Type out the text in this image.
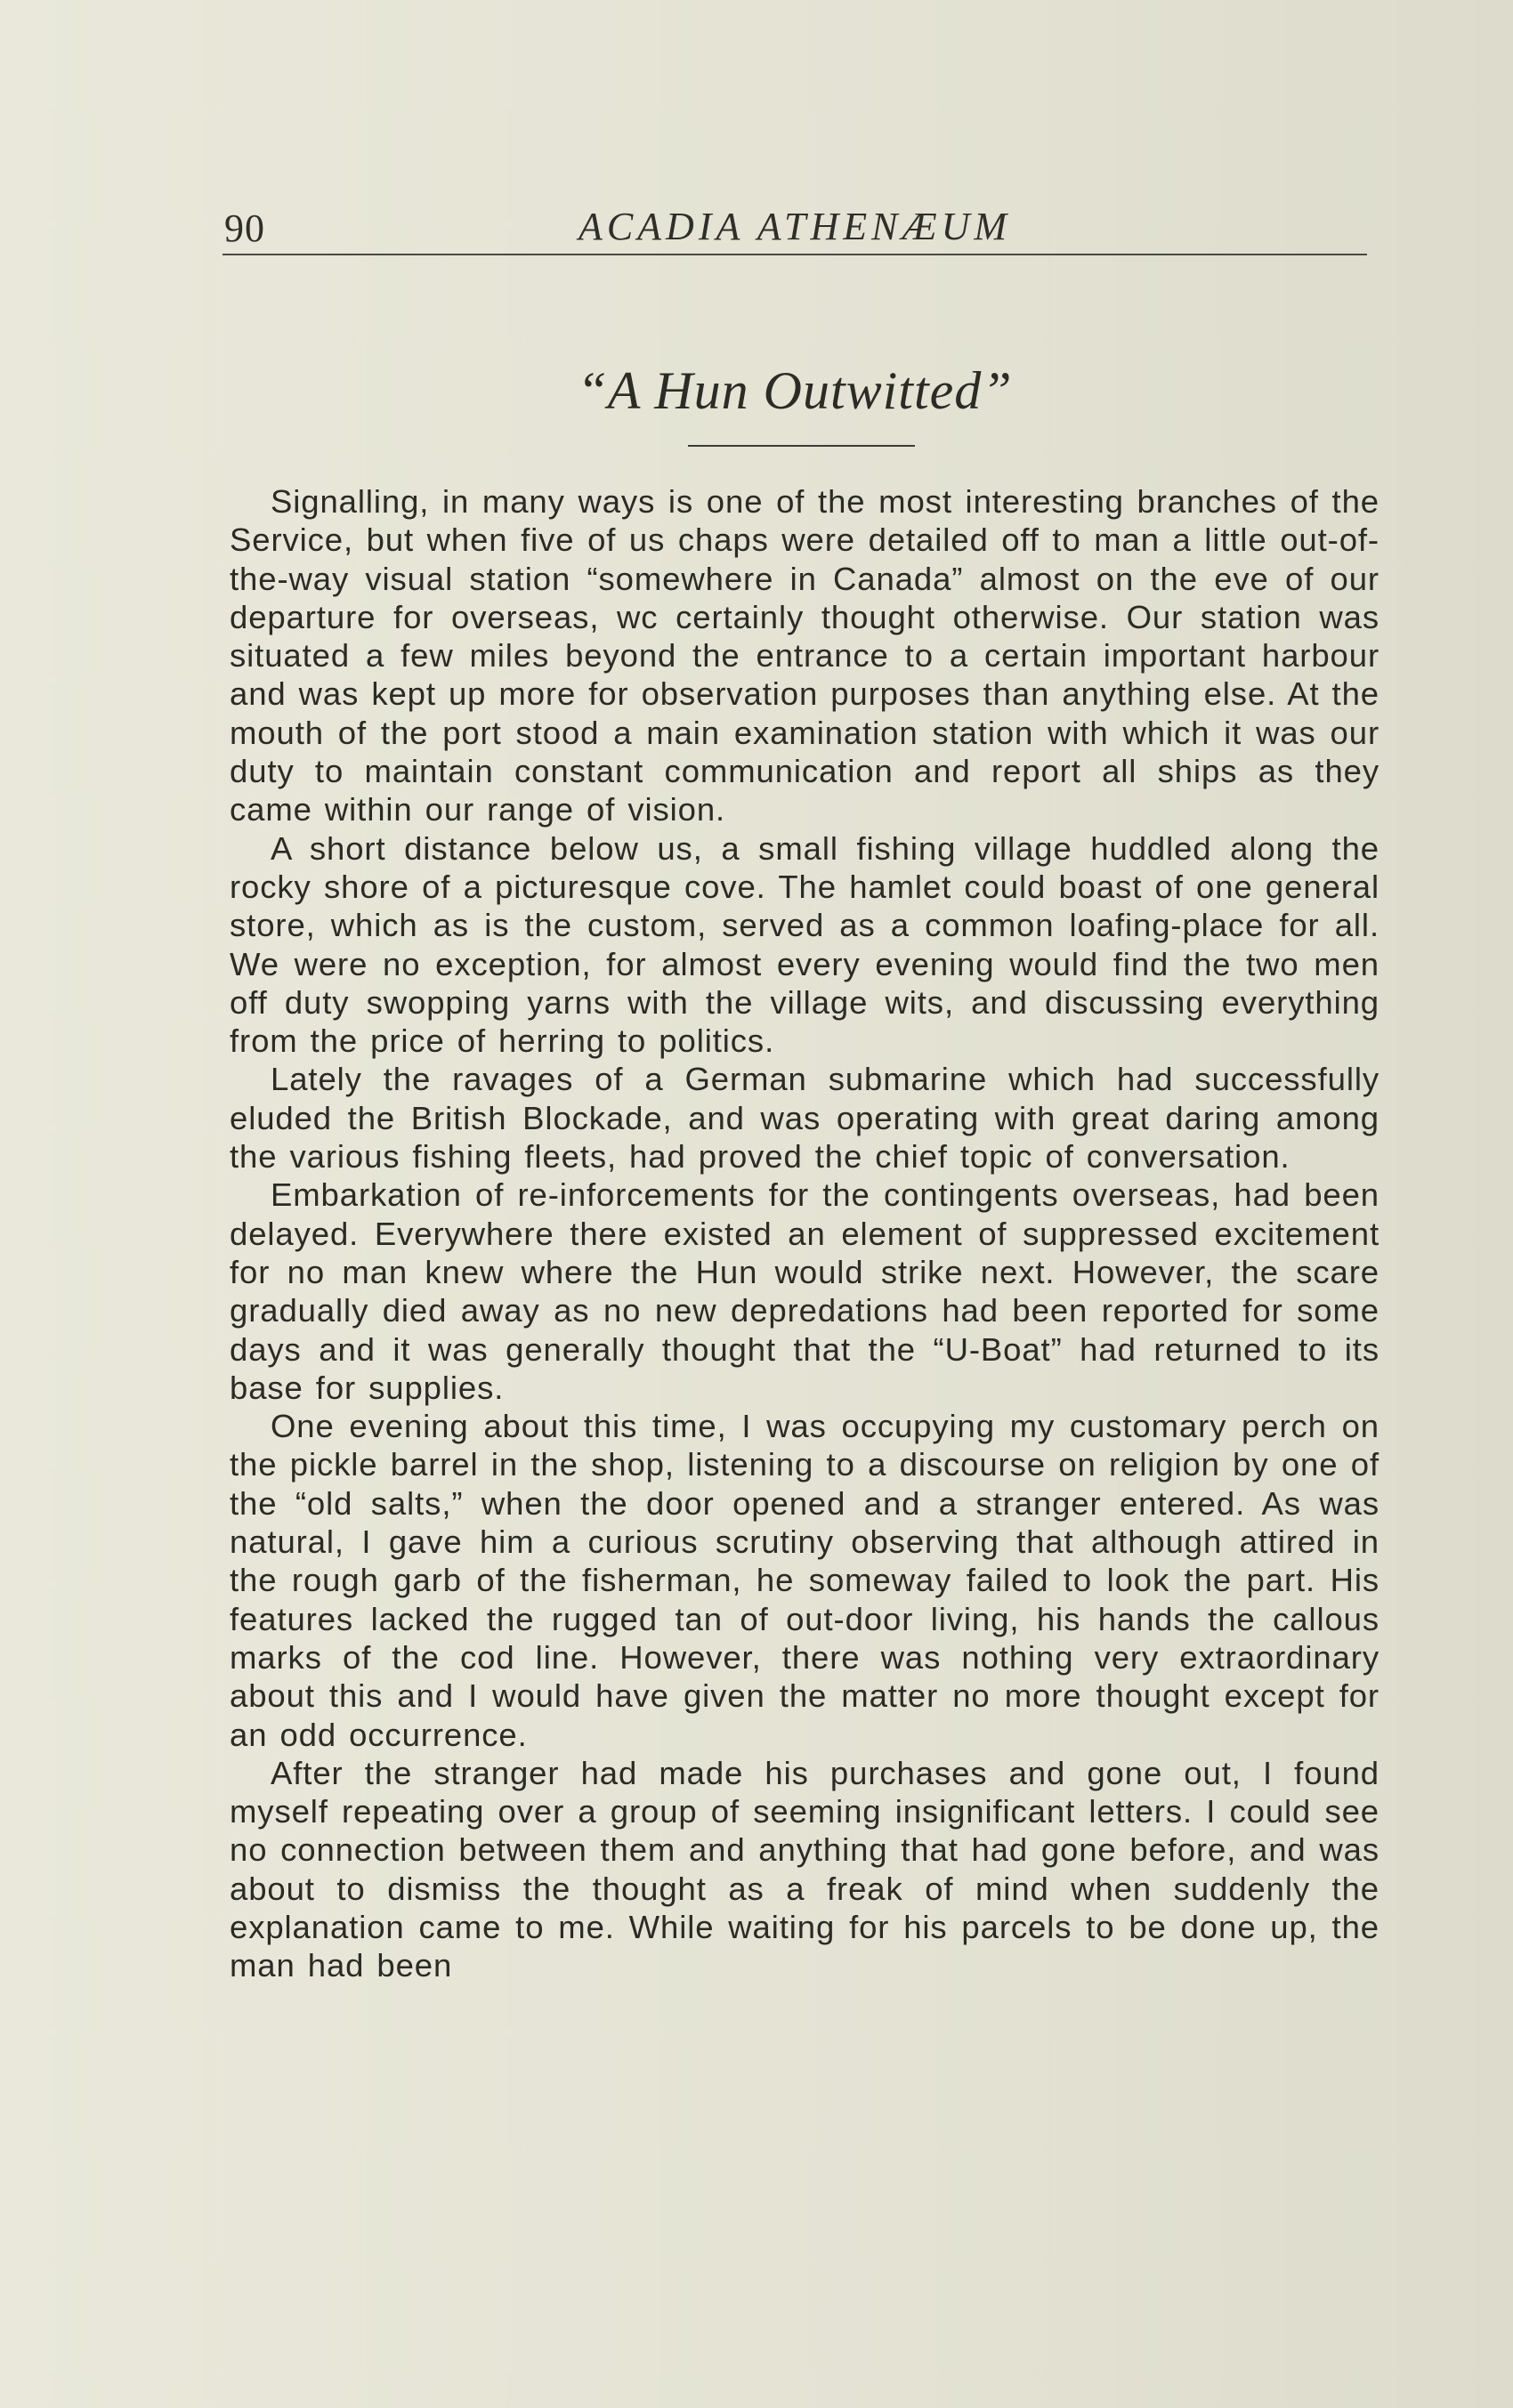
90	ACADIA ATHENÆUM
“A Hun Outwitted”

Signalling, in many ways is one of the most interesting branches of the Service, but when five of us chaps were detailed off to man a little out-of-the-way visual station “somewhere in Canada” almost on the eve of our departure for overseas, wc certainly thought otherwise. Our station was situated a few miles beyond the entrance to a certain important harbour and was kept up more for observation purposes than anything else. At the mouth of the port stood a main examination station with which it was our duty to maintain constant communication and report all ships as they came within our range of vision.

A short distance below us, a small fishing village huddled along the rocky shore of a picturesque cove. The hamlet could boast of one general store, which as is the custom, served as a common loafing-place for all. We were no exception, for almost every evening would find the two men off duty swopping yarns with the village wits, and discussing everything from the price of herring to politics.

Lately the ravages of a German submarine which had successfully eluded the British Blockade, and was operating with great daring among the various fishing fleets, had proved the chief topic of conversation.

Embarkation of re-inforcements for the contingents overseas, had been delayed. Everywhere there existed an element of suppressed excitement for no man knew where the Hun would strike next. However, the scare gradually died away as no new depredations had been reported for some days and it was generally thought that the “U-Boat” had returned to its base for supplies.

One evening about this time, I was occupying my customary perch on the pickle barrel in the shop, listening to a discourse on religion by one of the “old salts,” when the door opened and a stranger entered. As was natural, I gave him a curious scrutiny observing that although attired in the rough garb of the fisherman, he someway failed to look the part. His features lacked the rugged tan of out-door living, his hands the callous marks of the cod line. However, there was nothing very extraordinary about this and I would have given the matter no more thought except for an odd occurrence.

After the stranger had made his purchases and gone out, I found myself repeating over a group of seeming insignificant letters. I could see no connection between them and anything that had gone before, and was about to dismiss the thought as a freak of mind when suddenly the explanation came to me. While waiting for his parcels to be done up, the man had been
